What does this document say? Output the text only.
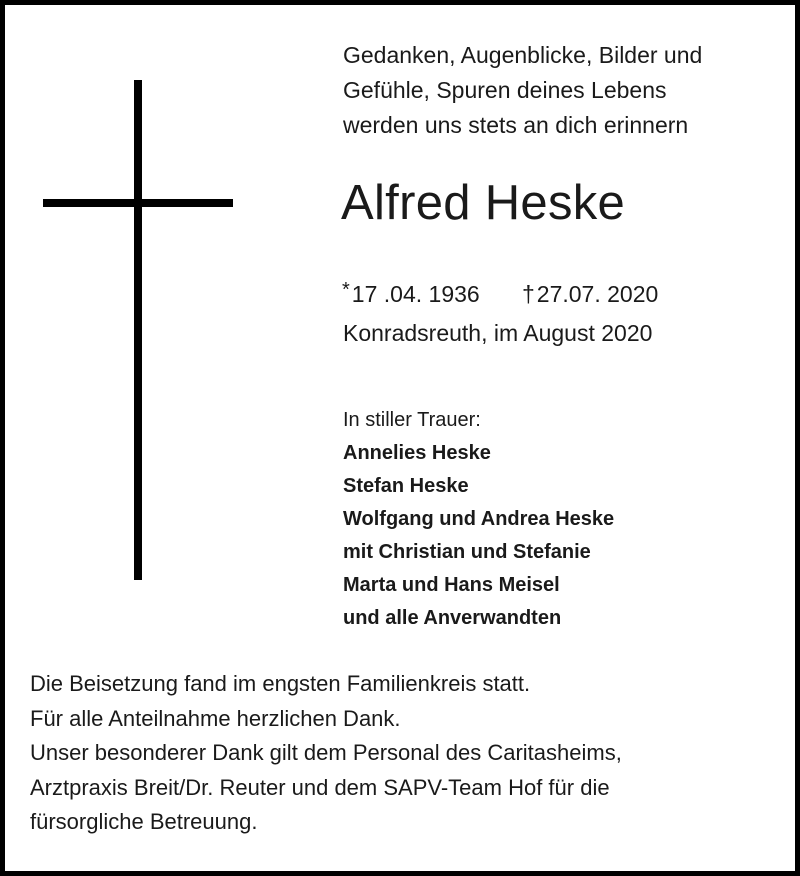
Gedanken, Augenblicke, Bilder und
Gefühle, Spuren deines Lebens
werden uns stets an dich erinnern
Alfred Heske
*17 .04. 1936 †27.07. 2020
Konradsreuth, im August 2020
In stiller Trauer:
Annelies Heske
Stefan Heske
Wolfgang und Andrea Heske
mit Christian und Stefanie
Marta und Hans Meisel
und alle Anverwandten
Die Beisetzung fand im engsten Familienkreis statt.
Für alle Anteilnahme herzlichen Dank.
Unser besonderer Dank gilt dem Personal des Caritasheims,
Arztpraxis Breit/Dr. Reuter und dem SAPV-Team Hof für die
fürsorgliche Betreuung.
